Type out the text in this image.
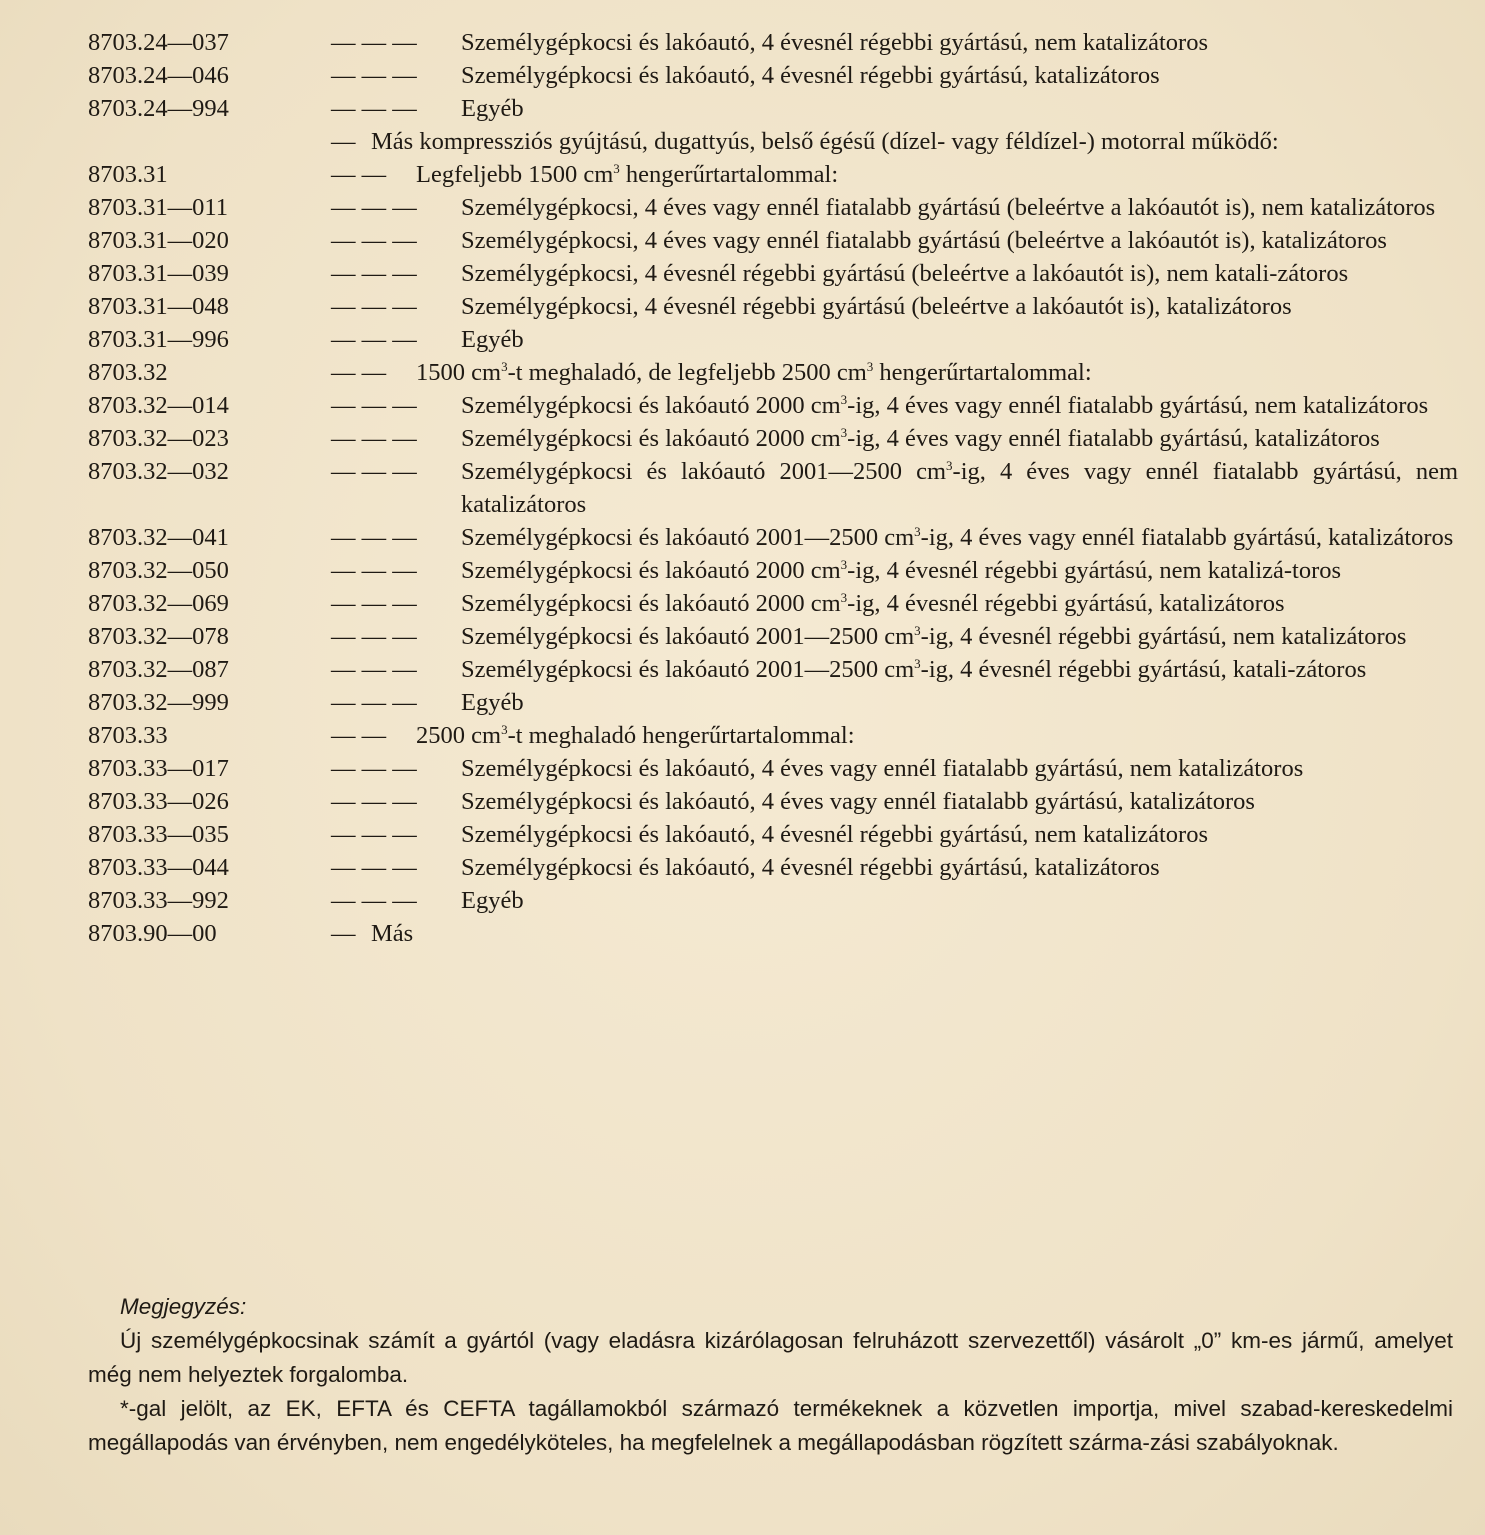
8703.24—037	— — — Személygépkocsi és lakóautó, 4 évesnél régebbi gyártású, nem katalizátoros
8703.24—046	— — — Személygépkocsi és lakóautó, 4 évesnél régebbi gyártású, katalizátoros
8703.24—994	— — — Egyéb
— Más kompressziós gyújtású, dugattyús, belső égésű (dízel- vagy féldízel-) motorral működő:
8703.31	— — Legfeljebb 1500 $cm^3$ hengerűrtartalommal:
8703.31—011	— — — Személygépkocsi, 4 éves vagy ennél fiatalabb gyártású (beleértve a lakóautót is), nem katalizátoros
8703.31—020	— — — Személygépkocsi, 4 éves vagy ennél fiatalabb gyártású (beleértve a lakóautót is), katalizátoros
8703.31—039	— — — Személygépkocsi, 4 évesnél régebbi gyártású (beleértve a lakóautót is), nem katali-zátoros
8703.31—048	— — — Személygépkocsi, 4 évesnél régebbi gyártású (beleértve a lakóautót is), katalizátoros
8703.31—996	— — — Egyéb
8703.32	— — 1500 $cm^3-t$ meghaladó, de legfeljebb 2500 $cm^3$ hengerűrtartalommal:
8703.32—014	— — — Személygépkocsi és lakóautó 2000 $cm^3-ig$, 4 éves vagy ennél fiatalabb gyártású, nem katalizátoros
8703.32—023	— — — Személygépkocsi és lakóautó 2000 $cm^3-ig$, 4 éves vagy ennél fiatalabb gyártású, katalizátoros
8703.32—032	— — — Személygépkocsi és lakóautó 2001—2500 $cm^3-ig$, 4 éves vagy ennél fiatalabb gyártású, nem katalizátoros
8703.32—041	— — — Személygépkocsi és lakóautó 2001—2500 $cm^3-ig$, 4 éves vagy ennél fiatalabb gyártású, katalizátoros
8703.32—050	— — — Személygépkocsi és lakóautó 2000 $cm^3-ig$, 4 évesnél régebbi gyártású, nem katalizá-toros
8703.32—069	— — — Személygépkocsi és lakóautó 2000 $cm^3-ig$, 4 évesnél régebbi gyártású, katalizátoros
8703.32—078	— — — Személygépkocsi és lakóautó 2001—2500 $cm^3-ig$, 4 évesnél régebbi gyártású, nem katalizátoros
8703.32—087	— — — Személygépkocsi és lakóautó 2001—2500 $cm^3-ig$, 4 évesnél régebbi gyártású, katali-zátoros
8703.32—999	— — — Egyéb
8703.33	— — 2500 $cm^3-t$ meghaladó hengerűrtartalommal:
8703.33—017	— — — Személygépkocsi és lakóautó, 4 éves vagy ennél fiatalabb gyártású, nem katalizátoros
8703.33—026	— — — Személygépkocsi és lakóautó, 4 éves vagy ennél fiatalabb gyártású, katalizátoros
8703.33—035	— — — Személygépkocsi és lakóautó, 4 évesnél régebbi gyártású, nem katalizátoros
8703.33—044	— — — Személygépkocsi és lakóautó, 4 évesnél régebbi gyártású, katalizátoros
8703.33—992	— — — Egyéb
8703.90—00	— Más
Megjegyzés:

Új személygépkocsinak számít a gyártól (vagy eladásra kizárólagosan felruházott szervezettől) vásárolt „0” km-es jármű, amelyet még nem helyeztek forgalomba.

*-gal jelölt, az EK, EFTA és CEFTA tagállamokból származó termékeknek a közvetlen importja, mivel szabad-kereskedelmi megállapodás van érvényben, nem engedélyköteles, ha megfelelnek a megállapodásban rögzített szárma-zási szabályoknak.
